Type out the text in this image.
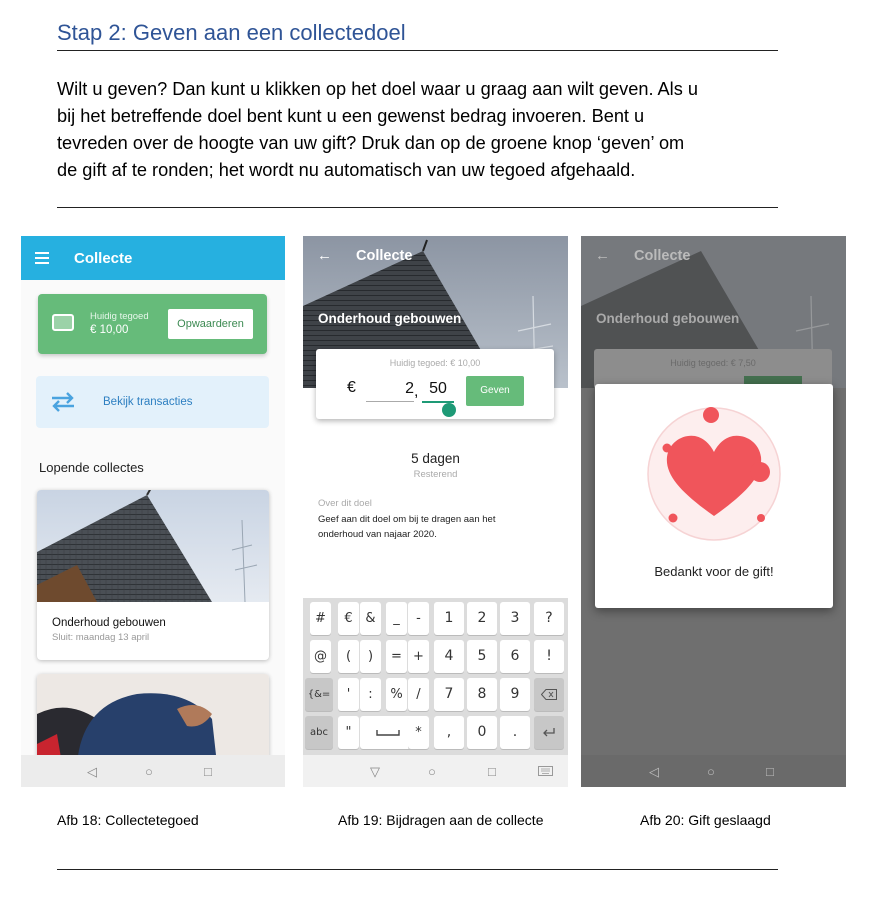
Stap 2: Geven aan een collectedoel
Wilt u geven? Dan kunt u klikken op het doel waar u graag aan wilt geven. Als u
bij het betreffende doel bent kunt u een gewenst bedrag invoeren. Bent u
tevreden over de hoogte van uw gift? Druk dan op de groene knop ‘geven’ om
de gift af te ronden; het wordt nu automatisch van uw tegoed afgehaald.
Collecte
Huidig tegoed
€ 10,00	Opwaarderen
Bekijk transacties
Lopende collectes
Onderhoud gebouwen
Sluit: maandag 13 april
◁	○	□
← Collecte
Onderhoud gebouwen
Huidig tegoed: € 10,00
€	2 , 50	Geven
5 dagen
Resterend
Over dit doel
Geef aan dit doel om bij te dragen aan het
onderhoud van najaar 2020.
#	€ &	_	-	1	2	3	?
@	(	)	= +	4	5	6	!
{&=	'	:	%	/	7	8	9
abc	"	*	,	0	.
▽	○	□
← Collecte
Onderhoud gebouwen
Huidig tegoed: € 7,50
Bedankt voor de gift!
◁	○	□
Afb 18: Collectetegoed	Afb 19: Bijdragen aan de collecte	Afb 20: Gift geslaagd
